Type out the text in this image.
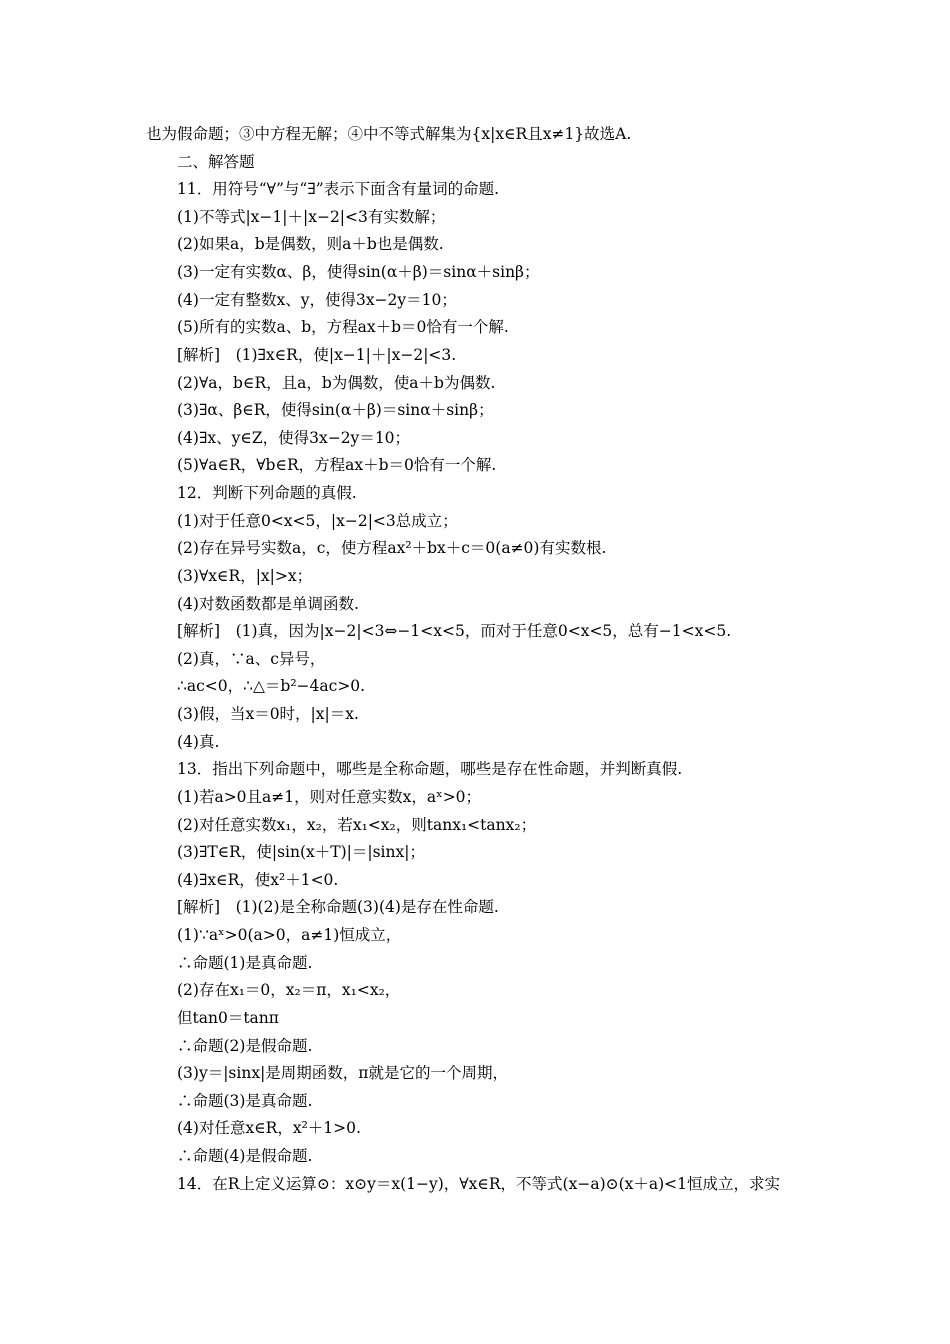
也为假命题；③中方程无解；④中不等式解集为{x|x∈R且x≠1}故选A.
二、解答题
11．用符号“∀”与“∃”表示下面含有量词的命题.
(1)不等式|x−1|＋|x−2|<3有实数解；
(2)如果a，b是偶数，则a＋b也是偶数.
(3)一定有实数α、β，使得sin(α＋β)＝sinα＋sinβ；
(4)一定有整数x、y，使得3x−2y＝10；
(5)所有的实数a、b，方程ax＋b＝0恰有一个解.
[解析]　(1)∃x∈R，使|x−1|＋|x−2|<3.
(2)∀a，b∈R，且a，b为偶数，使a＋b为偶数.
(3)∃α、β∈R，使得sin(α＋β)＝sinα＋sinβ；
(4)∃x、y∈Z，使得3x−2y＝10；
(5)∀a∈R，∀b∈R，方程ax＋b＝0恰有一个解.
12．判断下列命题的真假.
(1)对于任意0<x<5，|x−2|<3总成立；
(2)存在异号实数a，c，使方程ax²＋bx＋c＝0(a≠0)有实数根.
(3)∀x∈R，|x|>x；
(4)对数函数都是单调函数.
[解析]　(1)真，因为|x−2|<3⇔−1<x<5，而对于任意0<x<5，总有−1<x<5.
(2)真，∵a、c异号，
∴ac<0，∴△＝b²−4ac>0.
(3)假，当x＝0时，|x|＝x.
(4)真.
13．指出下列命题中，哪些是全称命题，哪些是存在性命题，并判断真假.
(1)若a>0且a≠1，则对任意实数x，aˣ>0；
(2)对任意实数x₁，x₂，若x₁<x₂，则tanx₁<tanx₂；
(3)∃T∈R，使|sin(x＋T)|＝|sinx|；
(4)∃x∈R，使x²＋1<0.
[解析]　(1)(2)是全称命题(3)(4)是存在性命题.
(1)∵aˣ>0(a>0，a≠1)恒成立，
∴命题(1)是真命题.
(2)存在x₁＝0，x₂＝π，x₁<x₂，
但tan0＝tanπ
∴命题(2)是假命题.
(3)y＝|sinx|是周期函数，π就是它的一个周期，
∴命题(3)是真命题.
(4)对任意x∈R，x²＋1>0.
∴命题(4)是假命题.
14．在R上定义运算⊙：x⊙y＝x(1−y)，∀x∈R，不等式(x−a)⊙(x＋a)<1恒成立，求实
